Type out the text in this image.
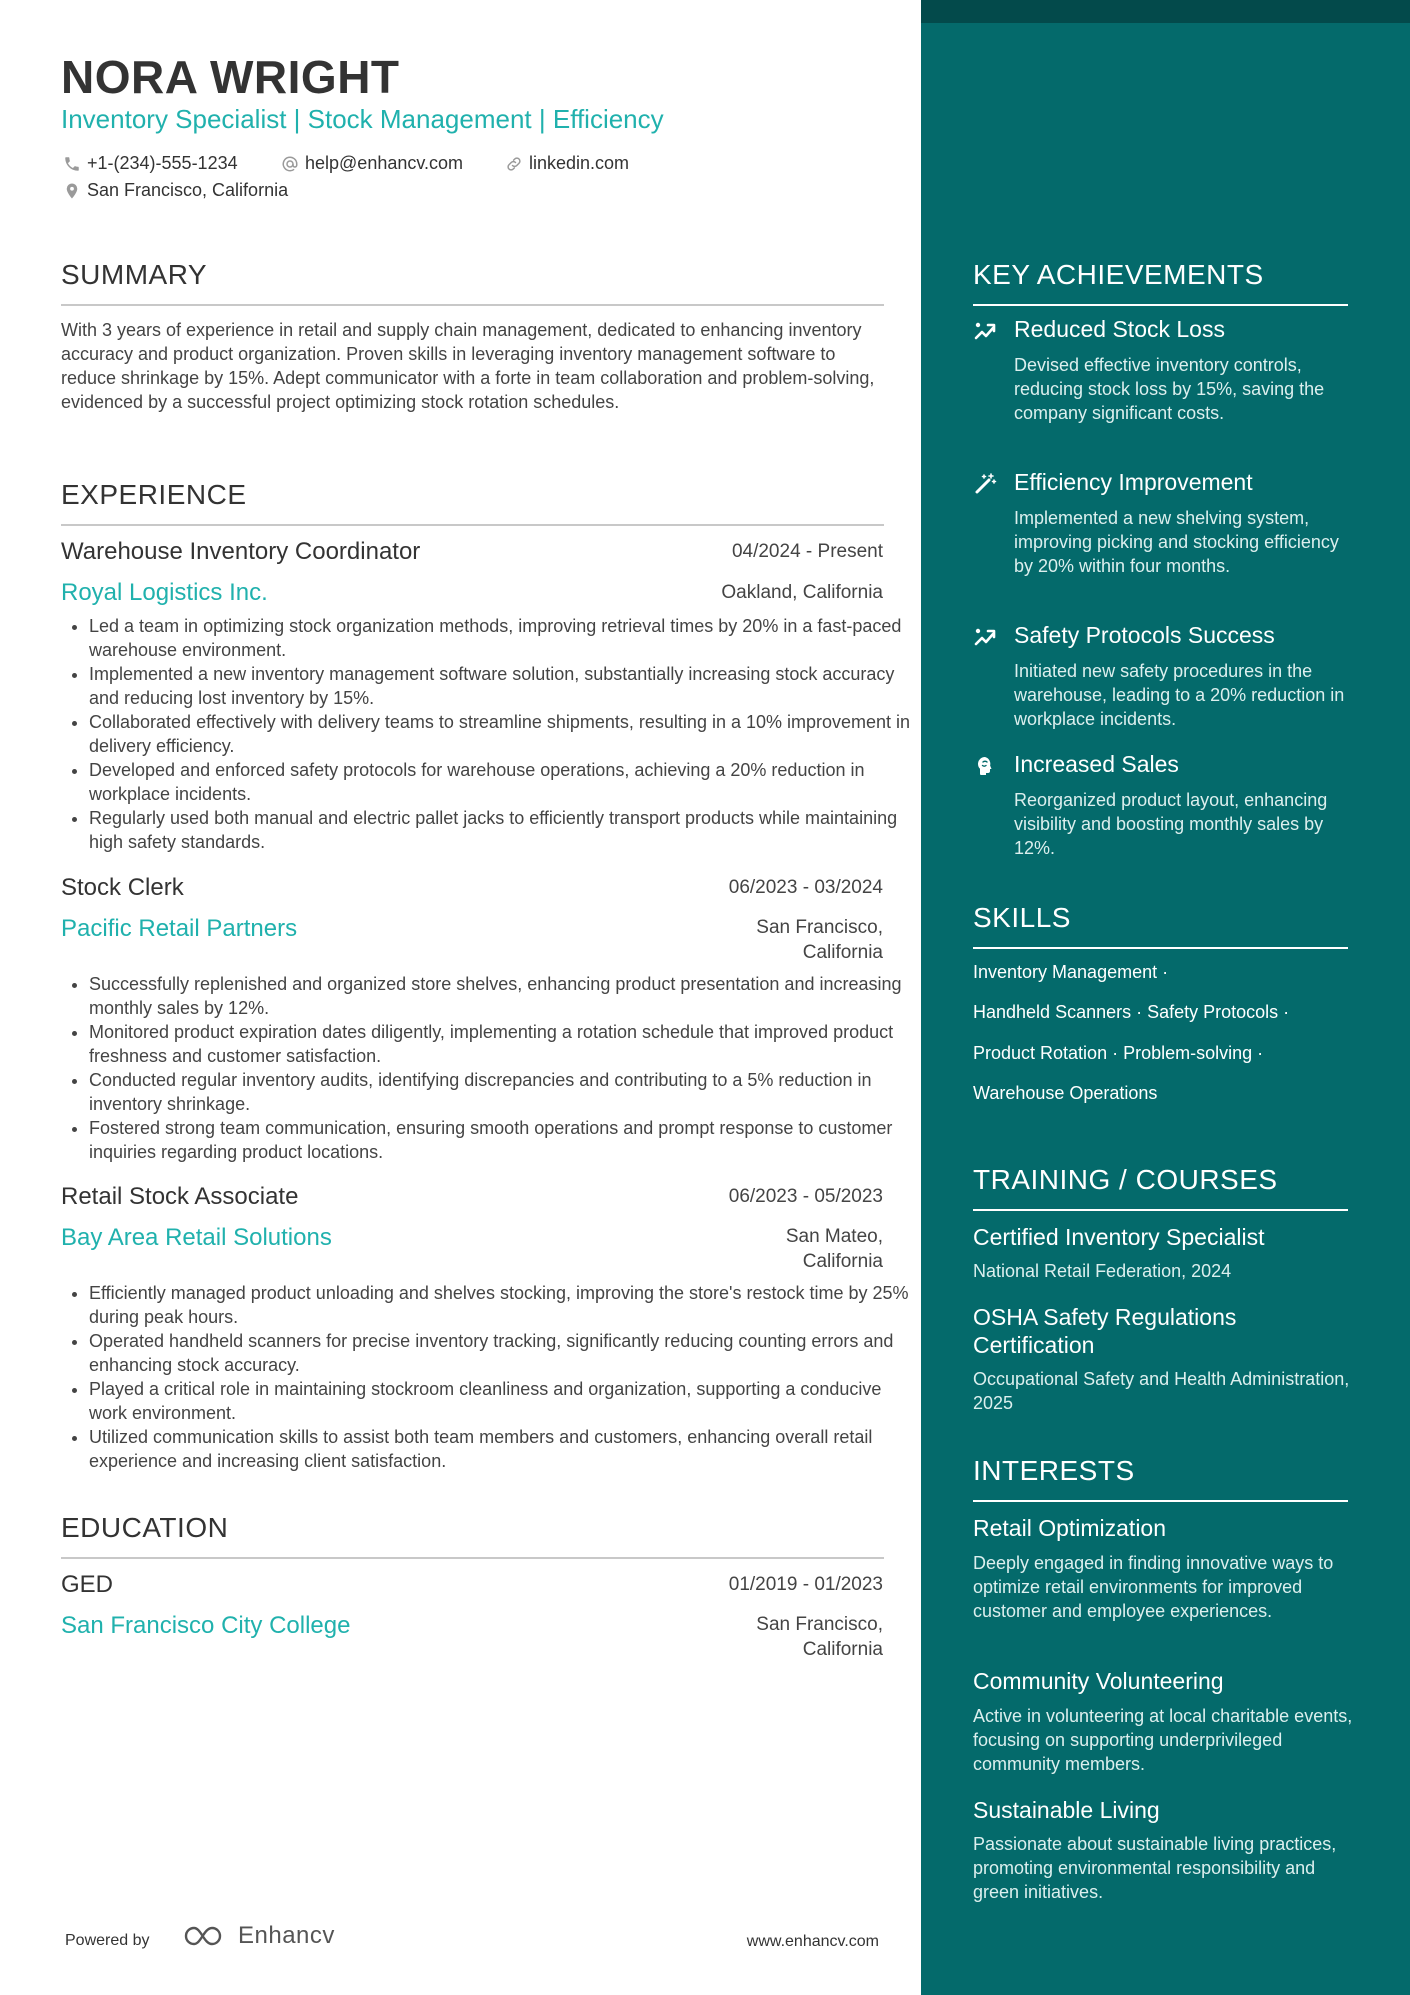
NORA WRIGHT
Inventory Specialist | Stock Management | Efficiency
+1-(234)-555-1234	help@enhancv.com	linkedin.com
San Francisco, California
SUMMARY
With 3 years of experience in retail and supply chain management, dedicated to enhancing inventory accuracy and product organization. Proven skills in leveraging inventory management software to reduce shrinkage by 15%. Adept communicator with a forte in team collaboration and problem-solving, evidenced by a successful project optimizing stock rotation schedules.
EXPERIENCE
Warehouse Inventory Coordinator	04/2024 - Present
Royal Logistics Inc.	Oakland, California
• Led a team in optimizing stock organization methods, improving retrieval times by 20% in a fast-paced warehouse environment.
• Implemented a new inventory management software solution, substantially increasing stock accuracy and reducing lost inventory by 15%.
• Collaborated effectively with delivery teams to streamline shipments, resulting in a 10% improvement in delivery efficiency.
• Developed and enforced safety protocols for warehouse operations, achieving a 20% reduction in workplace incidents.
• Regularly used both manual and electric pallet jacks to efficiently transport products while maintaining high safety standards.
Stock Clerk	06/2023 - 03/2024
Pacific Retail Partners	San Francisco,
California
• Successfully replenished and organized store shelves, enhancing product presentation and increasing monthly sales by 12%.
• Monitored product expiration dates diligently, implementing a rotation schedule that improved product freshness and customer satisfaction.
• Conducted regular inventory audits, identifying discrepancies and contributing to a 5% reduction in inventory shrinkage.
• Fostered strong team communication, ensuring smooth operations and prompt response to customer inquiries regarding product locations.
Retail Stock Associate	06/2023 - 05/2023
Bay Area Retail Solutions	San Mateo,
California
• Efficiently managed product unloading and shelves stocking, improving the store's restock time by 25% during peak hours.
• Operated handheld scanners for precise inventory tracking, significantly reducing counting errors and enhancing stock accuracy.
• Played a critical role in maintaining stockroom cleanliness and organization, supporting a conducive work environment.
• Utilized communication skills to assist both team members and customers, enhancing overall retail experience and increasing client satisfaction.
EDUCATION
GED	01/2019 - 01/2023
San Francisco City College	San Francisco,
California
Powered by	Enhancv	www.enhancv.com
KEY ACHIEVEMENTS
Reduced Stock Loss
Devised effective inventory controls, reducing stock loss by 15%, saving the company significant costs.
Efficiency Improvement
Implemented a new shelving system, improving picking and stocking efficiency by 20% within four months.
Safety Protocols Success
Initiated new safety procedures in the warehouse, leading to a 20% reduction in workplace incidents.
Increased Sales
Reorganized product layout, enhancing visibility and boosting monthly sales by 12%.
SKILLS
Inventory Management ·
Handheld Scanners · Safety Protocols ·
Product Rotation · Problem-solving ·
Warehouse Operations
TRAINING / COURSES
Certified Inventory Specialist
National Retail Federation, 2024
OSHA Safety Regulations Certification
Occupational Safety and Health Administration, 2025
INTERESTS
Retail Optimization
Deeply engaged in finding innovative ways to optimize retail environments for improved customer and employee experiences.
Community Volunteering
Active in volunteering at local charitable events, focusing on supporting underprivileged community members.
Sustainable Living
Passionate about sustainable living practices, promoting environmental responsibility and green initiatives.
